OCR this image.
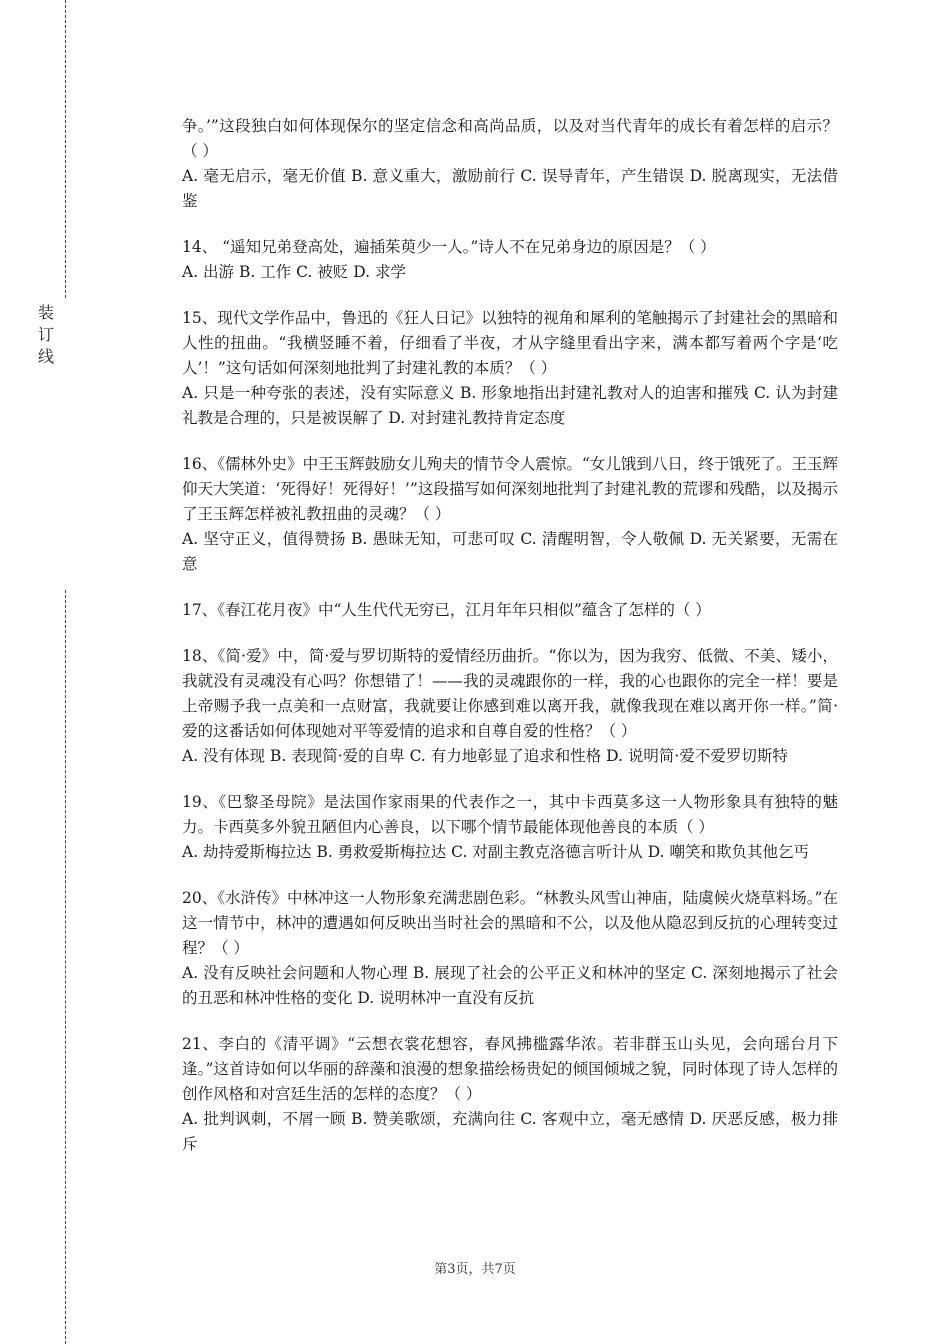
装
订
线

争。’”这段独白如何体现保尔的坚定信念和高尚品质，以及对当代青年的成长有着怎样的启示？（ ）

A. 毫无启示，毫无价值 B. 意义重大，激励前行 C. 误导青年，产生错误 D. 脱离现实，无法借鉴

14、 “遥知兄弟登高处，遍插茱萸少一人。”诗人不在兄弟身边的原因是？（ ）

A. 出游 B. 工作 C. 被贬 D. 求学

15、现代文学作品中，鲁迅的《狂人日记》以独特的视角和犀利的笔触揭示了封建社会的黑暗和人性的扭曲。“我横竖睡不着，仔细看了半夜，才从字缝里看出字来，满本都写着两个字是‘吃人’！”这句话如何深刻地批判了封建礼教的本质？（ ）

A. 只是一种夸张的表述，没有实际意义 B. 形象地指出封建礼教对人的迫害和摧残 C. 认为封建礼教是合理的，只是被误解了 D. 对封建礼教持肯定态度

16、《儒林外史》中王玉辉鼓励女儿殉夫的情节令人震惊。“女儿饿到八日，终于饿死了。王玉辉仰天大笑道：‘死得好！死得好！’”这段描写如何深刻地批判了封建礼教的荒谬和残酷，以及揭示了王玉辉怎样被礼教扭曲的灵魂？（ ）

A. 坚守正义，值得赞扬 B. 愚昧无知，可悲可叹 C. 清醒明智，令人敬佩 D. 无关紧要，无需在意

17、《春江花月夜》中“人生代代无穷已，江月年年只相似”蕴含了怎样的（ ）

18、《简·爱》中，简·爱与罗切斯特的爱情经历曲折。“你以为，因为我穷、低微、不美、矮小，我就没有灵魂没有心吗？你想错了！——我的灵魂跟你的一样，我的心也跟你的完全一样！要是上帝赐予我一点美和一点财富，我就要让你感到难以离开我，就像我现在难以离开你一样。”简·爱的这番话如何体现她对平等爱情的追求和自尊自爱的性格？（ ）

A. 没有体现 B. 表现简·爱的自卑 C. 有力地彰显了追求和性格 D. 说明简·爱不爱罗切斯特

19、《巴黎圣母院》是法国作家雨果的代表作之一，其中卡西莫多这一人物形象具有独特的魅力。卡西莫多外貌丑陋但内心善良，以下哪个情节最能体现他善良的本质（ ）

A. 劫持爱斯梅拉达 B. 勇救爱斯梅拉达 C. 对副主教克洛德言听计从 D. 嘲笑和欺负其他乞丐

20、《水浒传》中林冲这一人物形象充满悲剧色彩。“林教头风雪山神庙，陆虞候火烧草料场。”在这一情节中，林冲的遭遇如何反映出当时社会的黑暗和不公，以及他从隐忍到反抗的心理转变过程？（ ）

A. 没有反映社会问题和人物心理 B. 展现了社会的公平正义和林冲的坚定 C. 深刻地揭示了社会的丑恶和林冲性格的变化 D. 说明林冲一直没有反抗

21、李白的《清平调》“云想衣裳花想容，春风拂槛露华浓。若非群玉山头见，会向瑶台月下逢。”这首诗如何以华丽的辞藻和浪漫的想象描绘杨贵妃的倾国倾城之貌，同时体现了诗人怎样的创作风格和对宫廷生活的怎样的态度？（ ）

A. 批判讽刺，不屑一顾 B. 赞美歌颂，充满向往 C. 客观中立，毫无感情 D. 厌恶反感，极力排斥

第3页，共7页
